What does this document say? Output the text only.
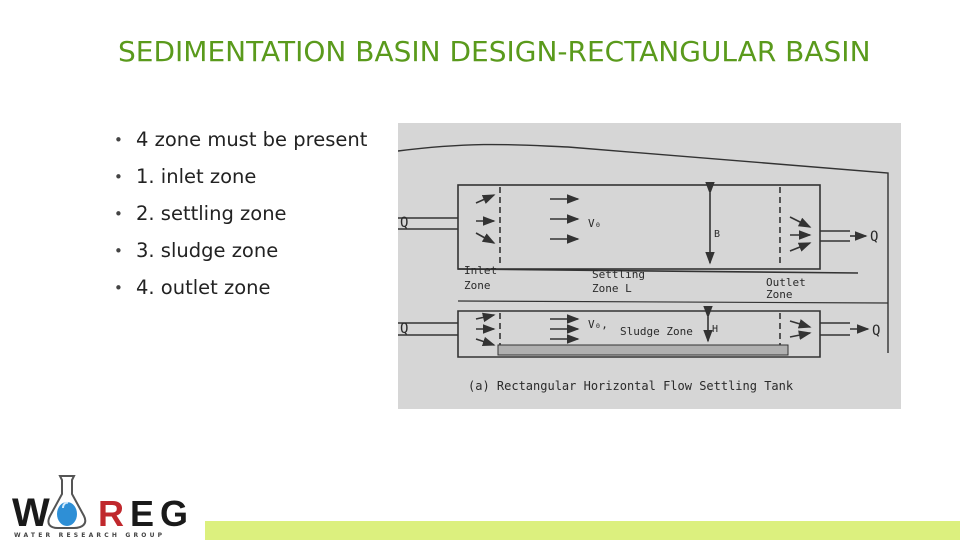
SEDIMENTATION BASIN DESIGN-RECTANGULAR BASIN
• 4 zone must be present
• 1. inlet zone
• 2. settling zone
• 3. sludge zone
• 4. outlet zone
Q
Q
Q	Q
V₀
B
Inlet
Zone
Settling
Zone L	Outlet
Zone
V₀,
Sludge Zone H
(a) Rectangular Horizontal Flow Settling Tank
W R E G
WATER RESEARCH GROUP
